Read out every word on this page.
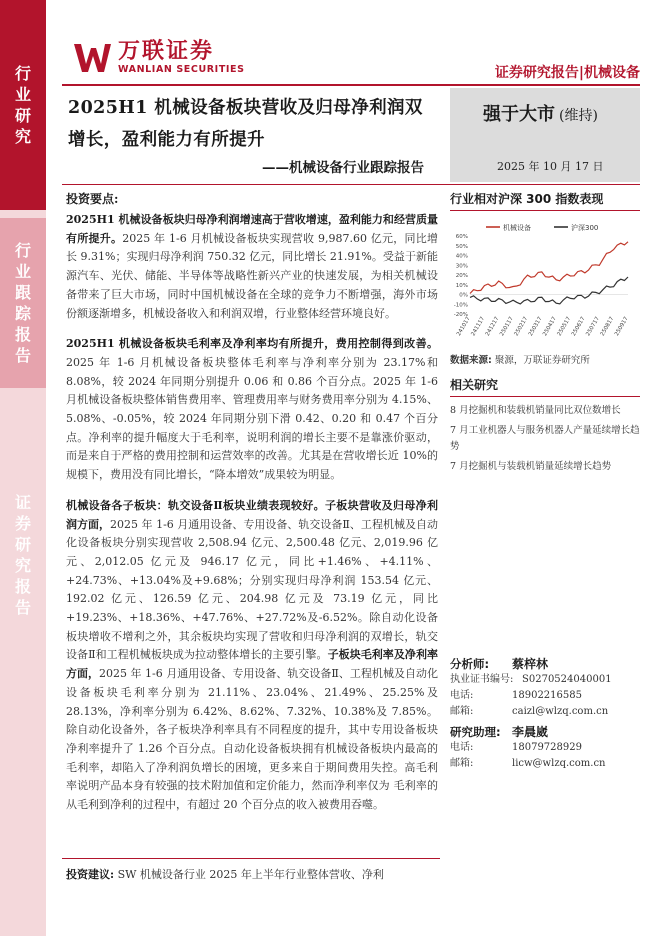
行
业
研
究
行
业
跟
踪
报
告
证
券
研
究
报
告
万联证券
WANLIAN SECURITIES	证券研究报告|机械设备
2025H1 机械设备板块营收及归母净利润双
增长，盈利能力有所提升
——机械设备行业跟踪报告
强于大市 (维持)
2025 年 10 月 17 日
投资要点:

2025H1 机械设备板块归母净利润增速高于营收增速，盈利能力和经营质量有所提升。2025 年 1-6 月机械设备板块实现营收 9,987.60 亿元，同比增长 9.31%；实现归母净利润 750.32 亿元，同比增长 21.91%。受益于新能源汽车、光伏、储能、半导体等战略性新兴产业的快速发展，为相关机械设备带来了巨大市场，同时中国机械设备在全球的竞争力不断增强，海外市场份额逐渐增多，机械设备收入和利润双增，行业整体经营环境良好。

2025H1 机械设备板块毛利率及净利率均有所提升，费用控制得到改善。2025 年 1-6 月机械设备板块整体毛利率与净利率分别为 23.17%和 8.08%，较 2024 年同期分别提升 0.06 和 0.86 个百分点。2025 年 1-6 月机械设备板块整体销售费用率、管理费用率与财务费用率分别为 4.15%、5.08%、-0.05%，较 2024 年同期分别下滑 0.42、0.20 和 0.47 个百分点。净利率的提升幅度大于毛利率，说明利润的增长主要不是靠涨价驱动，而是来自于严格的费用控制和运营效率的改善。尤其是在营收增长近 10%的规模下，费用没有同比增长，“降本增效”成果较为明显。

机械设备各子板块：轨交设备Ⅱ板块业绩表现较好。子板块营收及归母净利润方面，2025 年 1-6 月通用设备、专用设备、轨交设备Ⅱ、工程机械及自动化设备板块分别实现营收 2,508.94 亿元、2,500.48 亿元、2,019.96 亿元、2,012.05 亿元及 946.17 亿元，同比+1.46%、+4.11%、+24.73%、+13.04%及+9.68%；分别实现归母净利润 153.54 亿元、192.02 亿元、126.59 亿元、204.98 亿元及 73.19 亿元，同比+19.23%、+18.36%、+47.76%、+27.72%及-6.52%。除自动化设备板块增收不增利之外，其余板块均实现了营收和归母净利润的双增长，轨交设备Ⅱ和工程机械板块成为拉动整体增长的主要引擎。子板块毛利率及净利率方面，2025 年 1-6 月通用设备、专用设备、轨交设备Ⅱ、工程机械及自动化设备板块毛利率分别为 21.11%、23.04%、21.49%、25.25%及 28.13%，净利率分别为 6.42%、8.62%、7.32%、10.38%及 7.85%。除自动化设备外，各子板块净利率具有不同程度的提升，其中专用设备板块净利率提升了 1.26 个百分点。自动化设备板块拥有机械设备板块内最高的毛利率，却陷入了净利润负增长的困境，更多来自于期间费用失控。高毛利率说明产品本身有较强的技术附加值和定价能力，然而净利率仅为 毛利率的 从毛利到净利的过程中，有超过 20 个百分点的收入被费用吞噬。

投资建议: SW 机械设备行业 2025 年上半年行业整体营收、净利
行业相对沪深 300 指数表现
机械设备	沪深300
60%
50%
40%
30%
20%
10%
0%
-10%
-20%
241017
241117
241217
250117
250217
250317
250417
250517
250617
250717
250817
250917
数据来源: 聚源，万联证券研究所
相关研究
8 月挖掘机和装载机销量同比双位数增长
7 月工业机器人与服务机器人产量延续增长趋势
7 月挖掘机与装载机销量延续增长趋势
分析师:	蔡梓林
执业证书编号: S0270524040001
电话:	18902216585
邮箱:	caizl@wlzq.com.cn
研究助理: 李晨崴
电话:	18079728929
邮箱:	licw@wlzq.com.cn
